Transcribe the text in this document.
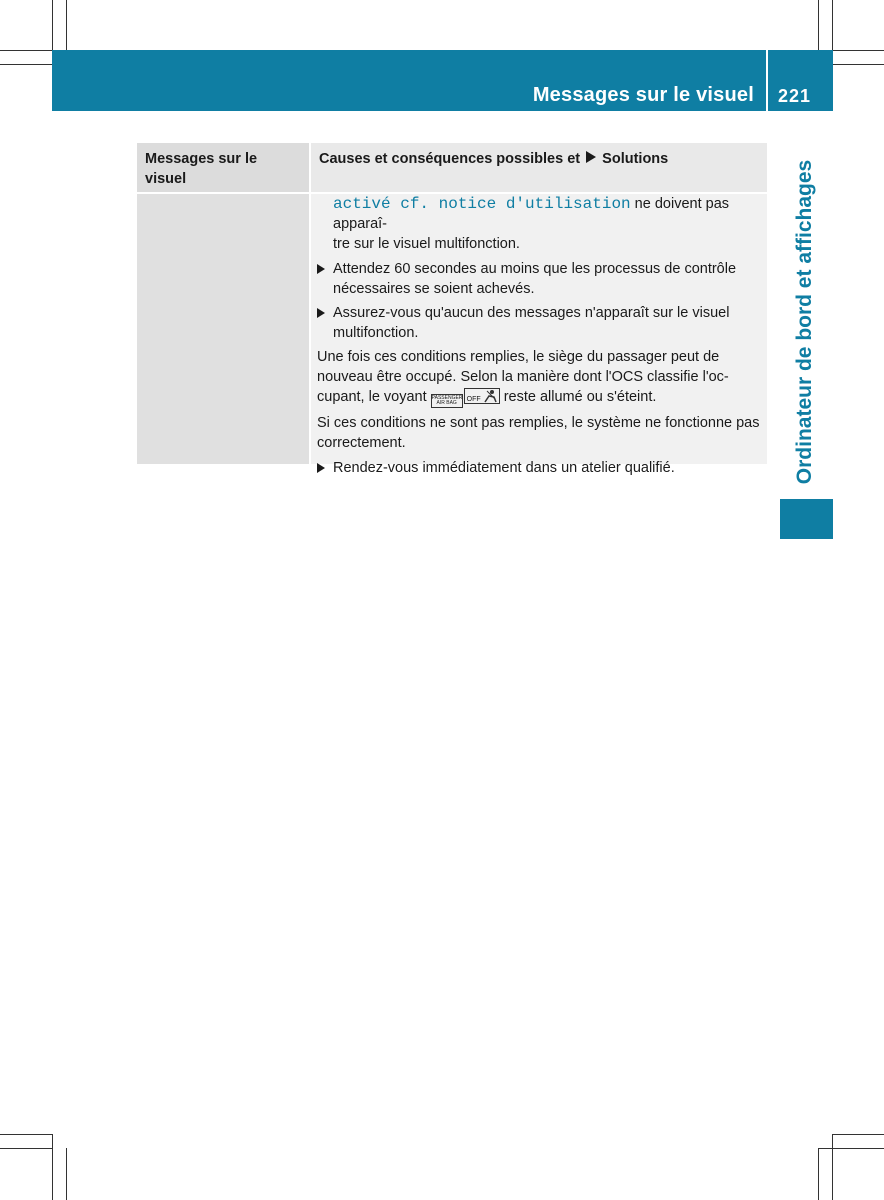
Messages sur le visuel 221
Ordinateur de bord et affichages
Messages sur le visuel
Causes et conséquences possibles et Solutions

activé cf. notice d'utilisation ne doivent pas apparaî-
tre sur le visuel multifonction.

Attendez 60 secondes au moins que les processus de contrôle nécessaires se soient achevés.
Assurez-vous qu'aucun des messages n'apparaît sur le visuel multifonction.

Une fois ces conditions remplies, le siège du passager peut de nouveau être occupé. Selon la manière dont l'OCS classifie l'oc-cupant, le voyant PASSENGER
AIR BAG OFF reste allumé ou s'éteint.

Si ces conditions ne sont pas remplies, le système ne fonctionne pas correctement.

Rendez-vous immédiatement dans un atelier qualifié.
